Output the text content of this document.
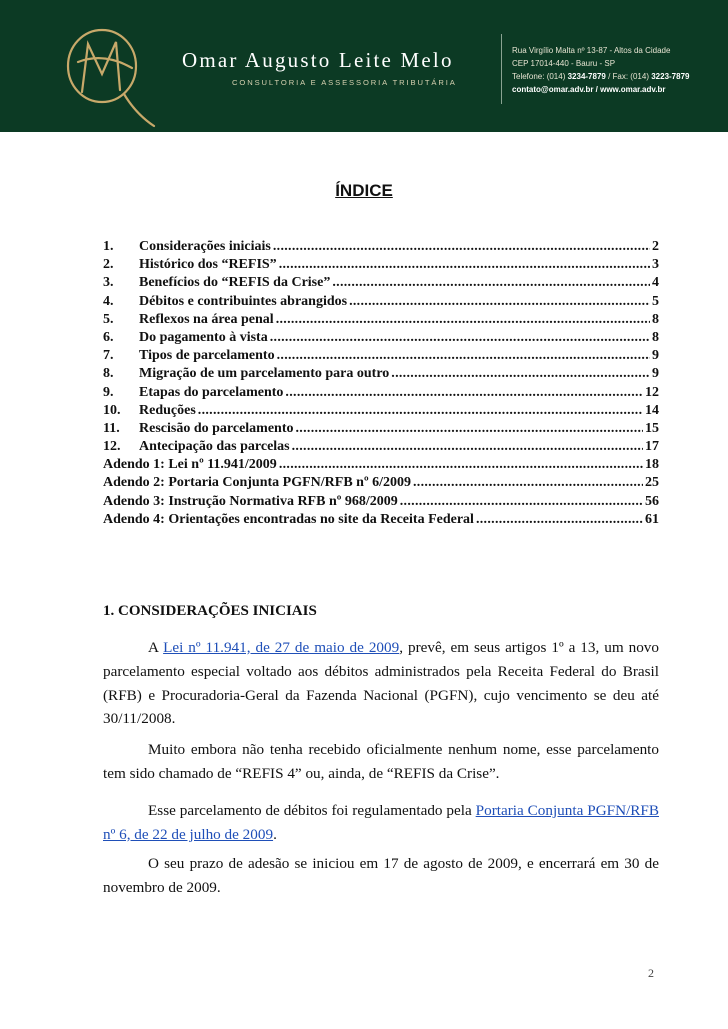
Omar Augusto Leite Melo
CONSULTORIA E ASSESSORIA TRIBUTÁRIA
Rua Virgílio Malta nº 13-87 - Altos da Cidade
CEP 17014-440 - Bauru - SP
Telefone: (014) 3234-7879 / Fax: (014) 3223-7879
contato@omar.adv.br / www.omar.adv.br
ÍNDICE
1.	Considerações iniciais .....	2
2.	Histórico dos “REFIS” .....	3
3.	Benefícios do “REFIS da Crise” .....	4
4.	Débitos e contribuintes abrangidos .....	5
5.	Reflexos na área penal .....	8
6.	Do pagamento à vista .....	8
7.	Tipos de parcelamento .....	9
8.	Migração de um parcelamento para outro .....	9
9.	Etapas do parcelamento .....	12
10.	Reduções .....	14
11.	Rescisão do parcelamento .....	15
12.	Antecipação das parcelas .....	17
Adendo 1: Lei nº 11.941/2009 .....	18
Adendo 2: Portaria Conjunta PGFN/RFB nº 6/2009 .....	25
Adendo 3: Instrução Normativa RFB nº 968/2009 .....	56
Adendo 4: Orientações encontradas no site da Receita Federal .....	61
1. CONSIDERAÇÕES INICIAIS
A Lei nº 11.941, de 27 de maio de 2009, prevê, em seus artigos 1º a 13, um novo parcelamento especial voltado aos débitos administrados pela Receita Federal do Brasil (RFB) e Procuradoria-Geral da Fazenda Nacional (PGFN), cujo vencimento se deu até 30/11/2008.
Muito embora não tenha recebido oficialmente nenhum nome, esse parcelamento tem sido chamado de “REFIS 4” ou, ainda, de “REFIS da Crise”.
Esse parcelamento de débitos foi regulamentado pela Portaria Conjunta PGFN/RFB nº 6, de 22 de julho de 2009.
O seu prazo de adesão se iniciou em 17 de agosto de 2009, e encerrará em 30 de novembro de 2009.
2
